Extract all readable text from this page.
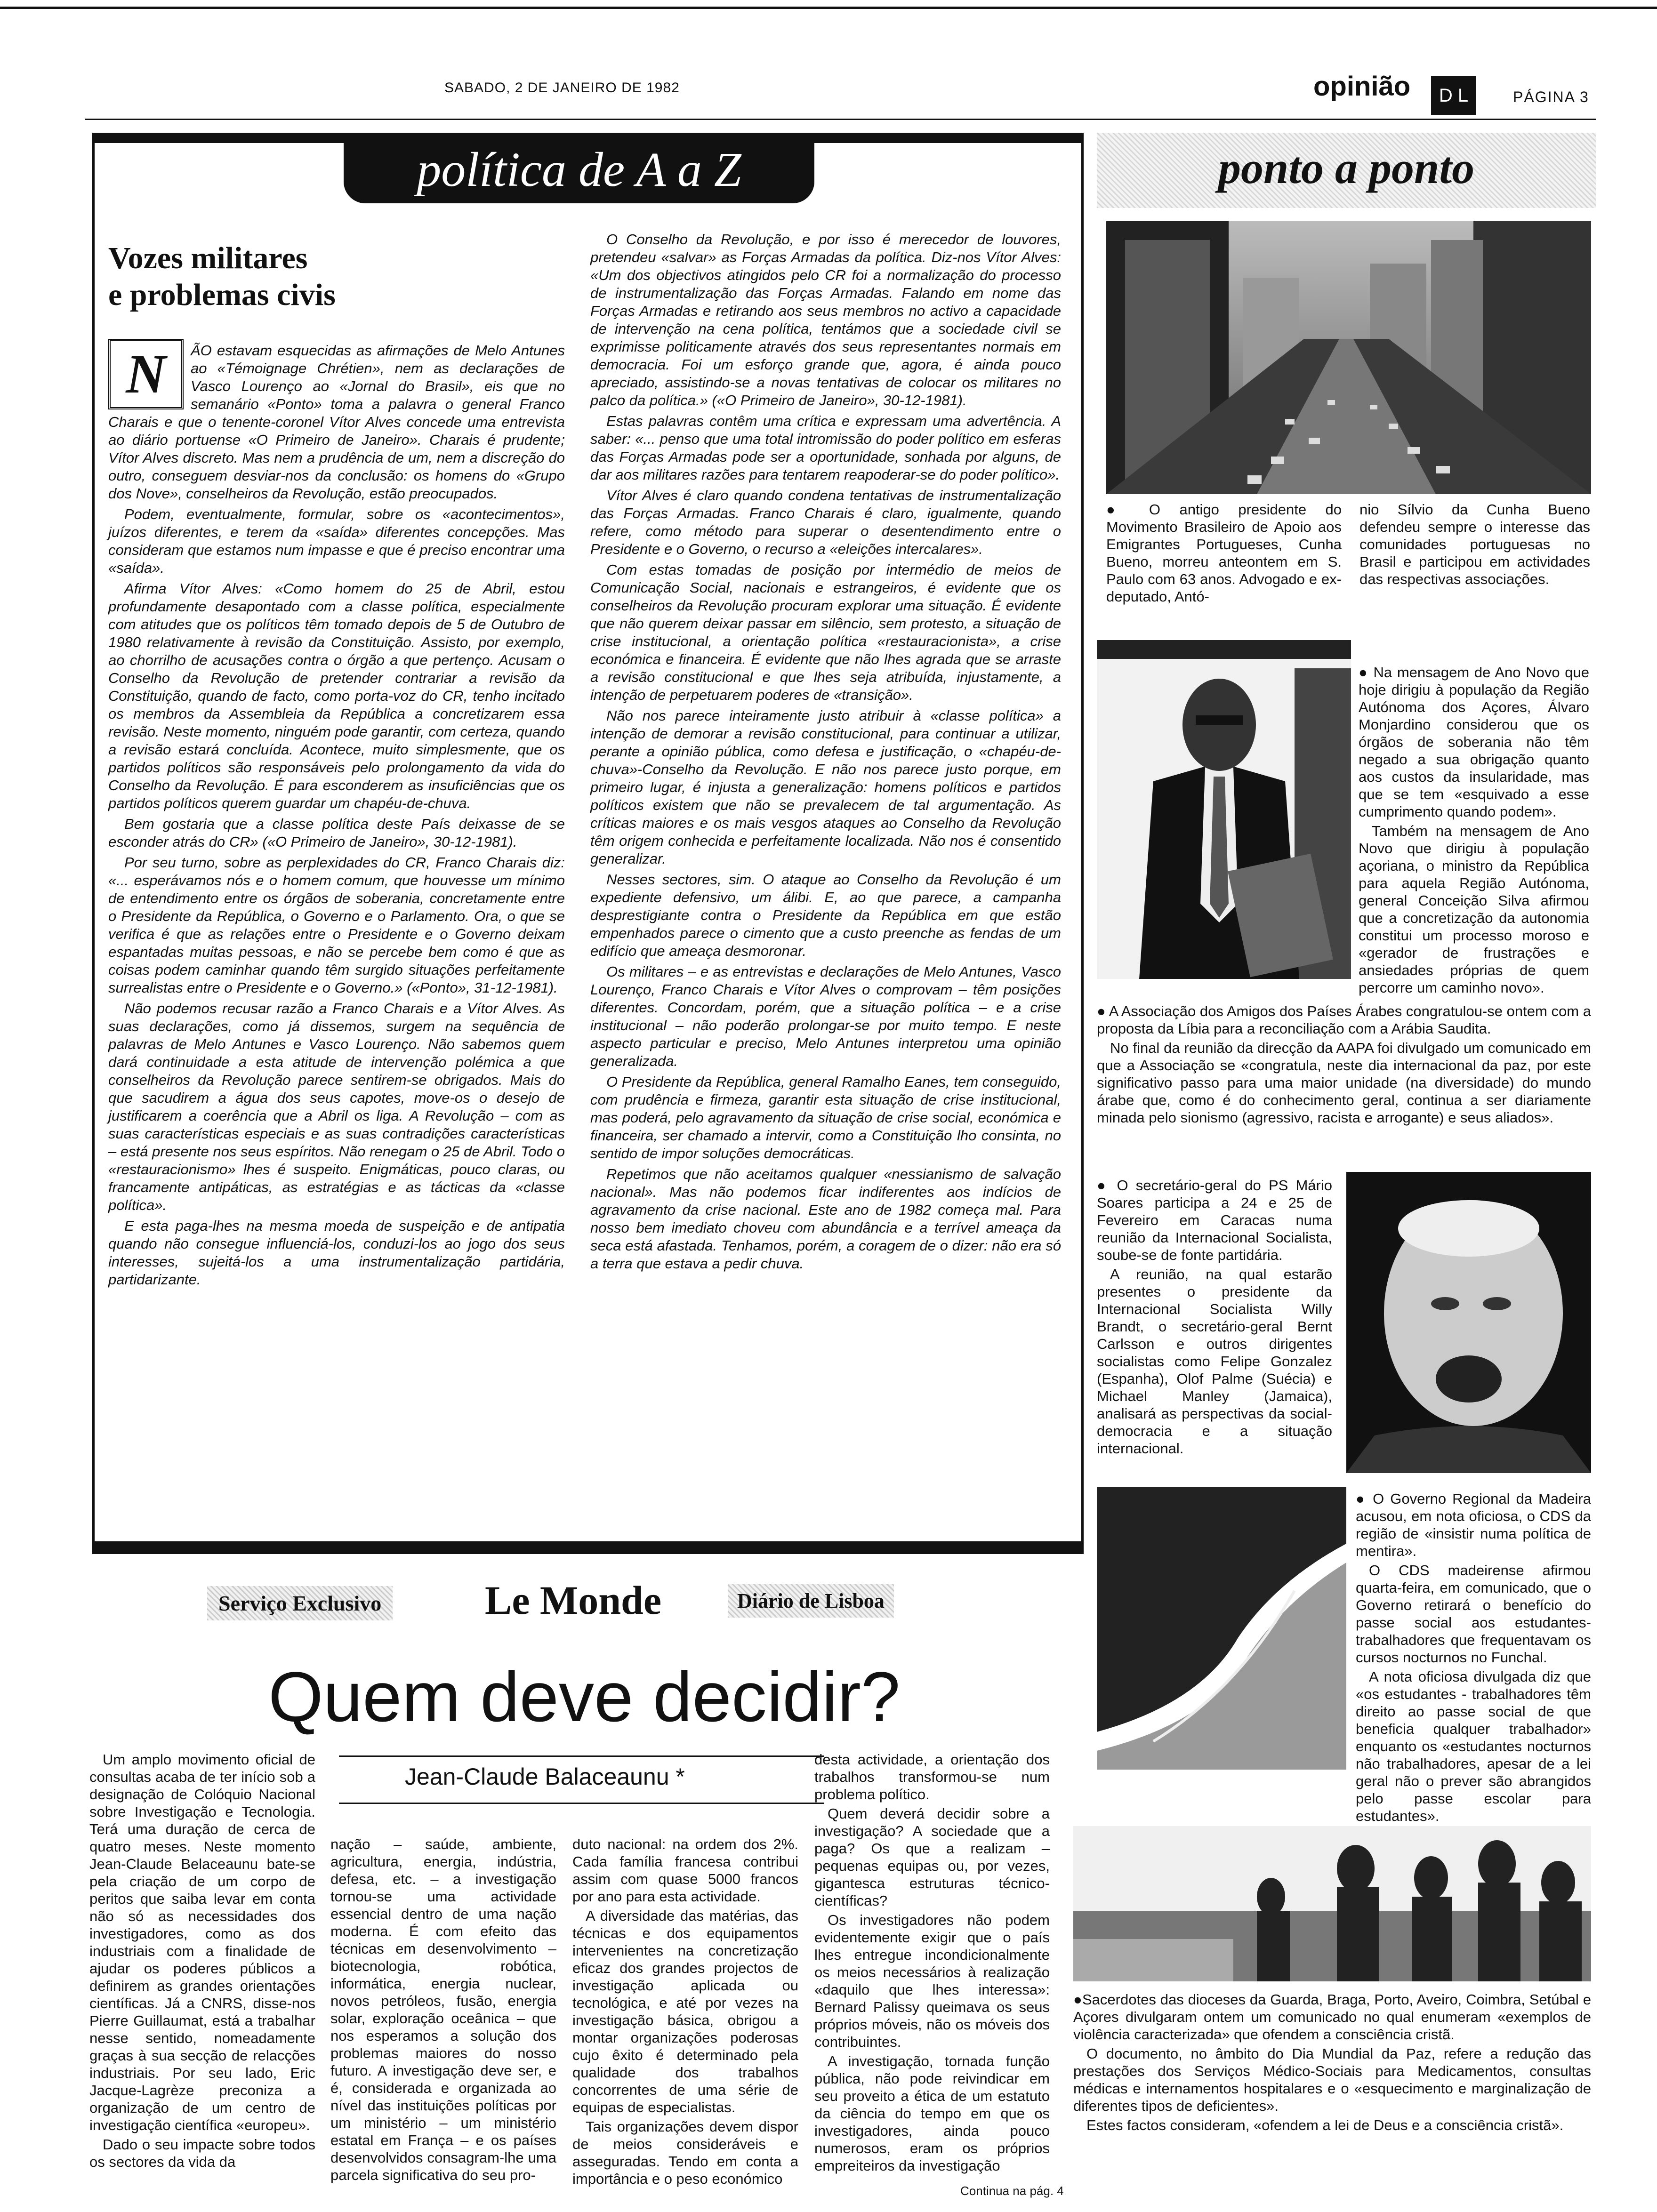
SABADO, 2 DE JANEIRO DE 1982	opinião	D L	PÁGINA 3
política de A a Z
Vozes militares
e problemas civis
N	ÃO estavam esquecidas as afirmações de Melo Antunes ao «Témoignage Chrétien», nem as declarações de Vasco Lourenço ao «Jornal do Brasil», eis que no semanário «Ponto» toma a palavra o general Franco Charais e que o tenente-coronel Vítor Alves concede uma entrevista ao diário portuense «O Primeiro de Janeiro». Charais é prudente; Vítor Alves discreto. Mas nem a prudência de um, nem a discreção do outro, conseguem desviar-nos da conclusão: os homens do «Grupo dos Nove», conselheiros da Revolução, estão preocupados.

Podem, eventualmente, formular, sobre os «acontecimentos», juízos diferentes, e terem da «saída» diferentes concepções. Mas consideram que estamos num impasse e que é preciso encontrar uma «saída».

Afirma Vítor Alves: «Como homem do 25 de Abril, estou profundamente desapontado com a classe política, especialmente com atitudes que os políticos têm tomado depois de 5 de Outubro de 1980 relativamente à revisão da Constituição. Assisto, por exemplo, ao chorrilho de acusações contra o órgão a que pertenço. Acusam o Conselho da Revolução de pretender contrariar a revisão da Constituição, quando de facto, como porta-voz do CR, tenho incitado os membros da Assembleia da República a concretizarem essa revisão. Neste momento, ninguém pode garantir, com certeza, quando a revisão estará concluída. Acontece, muito simplesmente, que os partidos políticos são responsáveis pelo prolongamento da vida do Conselho da Revolução. É para esconderem as insuficiências que os partidos políticos querem guardar um chapéu-de-chuva.

Bem gostaria que a classe política deste País deixasse de se esconder atrás do CR» («O Primeiro de Janeiro», 30-12-1981).

Por seu turno, sobre as perplexidades do CR, Franco Charais diz: «... esperávamos nós e o homem comum, que houvesse um mínimo de entendimento entre os órgãos de soberania, concretamente entre o Presidente da República, o Governo e o Parlamento. Ora, o que se verifica é que as relações entre o Presidente e o Governo deixam espantadas muitas pessoas, e não se percebe bem como é que as coisas podem caminhar quando têm surgido situações perfeitamente surrealistas entre o Presidente e o Governo.» («Ponto», 31-12-1981).

Não podemos recusar razão a Franco Charais e a Vítor Alves. As suas declarações, como já dissemos, surgem na sequência de palavras de Melo Antunes e Vasco Lourenço. Não sabemos quem dará continuidade a esta atitude de intervenção polémica a que conselheiros da Revolução parece sentirem-se obrigados. Mais do que sacudirem a água dos seus capotes, move-os o desejo de justificarem a coerência que a Abril os liga. A Revolução – com as suas características especiais e as suas contradições características – está presente nos seus espíritos. Não renegam o 25 de Abril. Todo o «restauracionismo» lhes é suspeito. Enigmáticas, pouco claras, ou francamente antipáticas, as estratégias e as tácticas da «classe política».

E esta paga-lhes na mesma moeda de suspeição e de antipatia quando não consegue influenciá-los, conduzi-los ao jogo dos seus interesses, sujeitá-los a uma instrumentalização partidária, partidarizante.

O Conselho da Revolução, e por isso é merecedor de louvores, pretendeu «salvar» as Forças Armadas da política. Diz-nos Vítor Alves: «Um dos objectivos atingidos pelo CR foi a normalização do processo de instrumentalização das Forças Armadas. Falando em nome das Forças Armadas e retirando aos seus membros no activo a capacidade de intervenção na cena política, tentámos que a sociedade civil se exprimisse politicamente através dos seus representantes normais em democracia. Foi um esforço grande que, agora, é ainda pouco apreciado, assistindo-se a novas tentativas de colocar os militares no palco da política.» («O Primeiro de Janeiro», 30-12-1981).

Estas palavras contêm uma crítica e expressam uma advertência. A saber: «... penso que uma total intromissão do poder político em esferas das Forças Armadas pode ser a oportunidade, sonhada por alguns, de dar aos militares razões para tentarem reapoderar-se do poder político».

Vítor Alves é claro quando condena tentativas de instrumentalização das Forças Armadas. Franco Charais é claro, igualmente, quando refere, como método para superar o desentendimento entre o Presidente e o Governo, o recurso a «eleições intercalares».

Com estas tomadas de posição por intermédio de meios de Comunicação Social, nacionais e estrangeiros, é evidente que os conselheiros da Revolução procuram explorar uma situação. É evidente que não querem deixar passar em silêncio, sem protesto, a situação de crise institucional, a orientação política «restauracionista», a crise económica e financeira. É evidente que não lhes agrada que se arraste a revisão constitucional e que lhes seja atribuída, injustamente, a intenção de perpetuarem poderes de «transição».

Não nos parece inteiramente justo atribuir à «classe política» a intenção de demorar a revisão constitucional, para continuar a utilizar, perante a opinião pública, como defesa e justificação, o «chapéu-de-chuva»-Conselho da Revolução. E não nos parece justo porque, em primeiro lugar, é injusta a generalização: homens políticos e partidos políticos existem que não se prevalecem de tal argumentação. As críticas maiores e os mais vesgos ataques ao Conselho da Revolução têm origem conhecida e perfeitamente localizada. Não nos é consentido generalizar.

Nesses sectores, sim. O ataque ao Conselho da Revolução é um expediente defensivo, um álibi. E, ao que parece, a campanha desprestigiante contra o Presidente da República em que estão empenhados parece o cimento que a custo preenche as fendas de um edifício que ameaça desmoronar.

Os militares – e as entrevistas e declarações de Melo Antunes, Vasco Lourenço, Franco Charais e Vítor Alves o comprovam – têm posições diferentes. Concordam, porém, que a situação política – e a crise institucional – não poderão prolongar-se por muito tempo. E neste aspecto particular e preciso, Melo Antunes interpretou uma opinião generalizada.

O Presidente da República, general Ramalho Eanes, tem conseguido, com prudência e firmeza, garantir esta situação de crise institucional, mas poderá, pelo agravamento da situação de crise social, económica e financeira, ser chamado a intervir, como a Constituição lho consinta, no sentido de impor soluções democráticas.

Repetimos que não aceitamos qualquer «nessianismo de salvação nacional». Mas não podemos ficar indiferentes aos indícios de agravamento da crise nacional. Este ano de 1982 começa mal. Para nosso bem imediato choveu com abundância e a terrível ameaça da seca está afastada. Tenhamos, porém, a coragem de o dizer: não era só a terra que estava a pedir chuva.

ponto a ponto
● O antigo presidente do Movimento Brasileiro de Apoio aos Emigrantes Portugueses, Cunha Bueno, morreu anteontem em S. Paulo com 63 anos. Advogado e ex-deputado, Antó-
nio Sílvio da Cunha Bueno defendeu sempre o interesse das comunidades portuguesas no Brasil e participou em actividades das respectivas associações.

● Na mensagem de Ano Novo que hoje dirigiu à população da Região Autónoma dos Açores, Álvaro Monjardino considerou que os órgãos de soberania não têm negado a sua obrigação quanto aos custos da insularidade, mas que se tem «esquivado a esse cumprimento quando podem».

Também na mensagem de Ano Novo que dirigiu à população açoriana, o ministro da República para aquela Região Autónoma, general Conceição Silva afirmou que a concretização da autonomia constitui um processo moroso e «gerador de frustrações e ansiedades próprias de quem percorre um caminho novo».

● A Associação dos Amigos dos Países Árabes congratulou-se ontem com a proposta da Líbia para a reconciliação com a Arábia Saudita.

No final da reunião da direcção da AAPA foi divulgado um comunicado em que a Associação se «congratula, neste dia internacional da paz, por este significativo passo para uma maior unidade (na diversidade) do mundo árabe que, como é do conhecimento geral, continua a ser diariamente minada pelo sionismo (agressivo, racista e arrogante) e seus aliados».

● O secretário-geral do PS Mário Soares participa a 24 e 25 de Fevereiro em Caracas numa reunião da Internacional Socialista, soube-se de fonte partidária.

A reunião, na qual estarão presentes o presidente da Internacional Socialista Willy Brandt, o secretário-geral Bernt Carlsson e outros dirigentes socialistas como Felipe Gonzalez (Espanha), Olof Palme (Suécia) e Michael Manley (Jamaica), analisará as perspectivas da social-democracia e a situação internacional.

● O Governo Regional da Madeira acusou, em nota oficiosa, o CDS da região de «insistir numa política de mentira».

O CDS madeirense afirmou quarta-feira, em comunicado, que o Governo retirará o benefício do passe social aos estudantes-trabalhadores que frequentavam os cursos nocturnos no Funchal.

A nota oficiosa divulgada diz que «os estudantes - trabalhadores têm direito ao passe social de que beneficia qualquer trabalhador» enquanto os «estudantes nocturnos não trabalhadores, apesar de a lei geral não o prever são abrangidos pelo passe escolar para estudantes».

●Sacerdotes das dioceses da Guarda, Braga, Porto, Aveiro, Coimbra, Setúbal e Açores divulgaram ontem um comunicado no qual enumeram «exemplos de violência caracterizada» que ofendem a consciência cristã.

O documento, no âmbito do Dia Mundial da Paz, refere a redução das prestações dos Serviços Médico-Sociais para Medicamentos, consultas médicas e internamentos hospitalares e o «esquecimento e marginalização de diferentes tipos de deficientes».

Estes factos consideram, «ofendem a lei de Deus e a consciência cristã».

Serviço Exclusivo	Le Monde	Diário de Lisboa
Quem deve decidir?
Jean-Claude Balaceaunu *

Um amplo movimento oficial de consultas acaba de ter início sob a designação de Colóquio Nacional sobre Investigação e Tecnologia. Terá uma duração de cerca de quatro meses. Neste momento Jean-Claude Belaceaunu bate-se pela criação de um corpo de peritos que saiba levar em conta não só as necessidades dos investigadores, como as dos industriais com a finalidade de ajudar os poderes públicos a definirem as grandes orientações científicas. Já a CNRS, disse-nos Pierre Guillaumat, está a trabalhar nesse sentido, nomeadamente graças à sua secção de relacções industriais. Por seu lado, Eric Jacque-Lagrèze preconiza a organização de um centro de investigação científica «europeu».

Dado o seu impacte sobre todos os sectores da vida da

nação – saúde, ambiente, agricultura, energia, indústria, defesa, etc. – a investigação tornou-se uma actividade essencial dentro de uma nação moderna. É com efeito das técnicas em desenvolvimento – biotecnologia, robótica, informática, energia nuclear, novos petróleos, fusão, energia solar, exploração oceânica – que nos esperamos a solução dos problemas maiores do nosso futuro. A investigação deve ser, e é, considerada e organizada ao nível das instituições políticas por um ministério – um ministério estatal em França – e os países desenvolvidos consagram-lhe uma parcela significativa do seu pro-

duto nacional: na ordem dos 2%. Cada família francesa contribui assim com quase 5000 francos por ano para esta actividade.

A diversidade das matérias, das técnicas e dos equipamentos intervenientes na concretização eficaz dos grandes projectos de investigação aplicada ou tecnológica, e até por vezes na investigação básica, obrigou a montar organizações poderosas cujo êxito é determinado pela qualidade dos trabalhos concorrentes de uma série de equipas de especialistas.

Tais organizações devem dispor de meios consideráveis e asseguradas. Tendo em conta a importância e o peso económico

desta actividade, a orientação dos trabalhos transformou-se num problema político.

Quem deverá decidir sobre a investigação? A sociedade que a paga? Os que a realizam – pequenas equipas ou, por vezes, gigantesca estruturas técnico-científicas?

Os investigadores não podem evidentemente exigir que o país lhes entregue incondicionalmente os meios necessários à realização «daquilo que lhes interessa»: Bernard Palissy queimava os seus próprios móveis, não os móveis dos contribuintes.

A investigação, tornada função pública, não pode reivindicar em seu proveito a ética de um estatuto da ciência do tempo em que os investigadores, ainda pouco numerosos, eram os próprios empreiteiros da investigação

Continua na pág. 4
